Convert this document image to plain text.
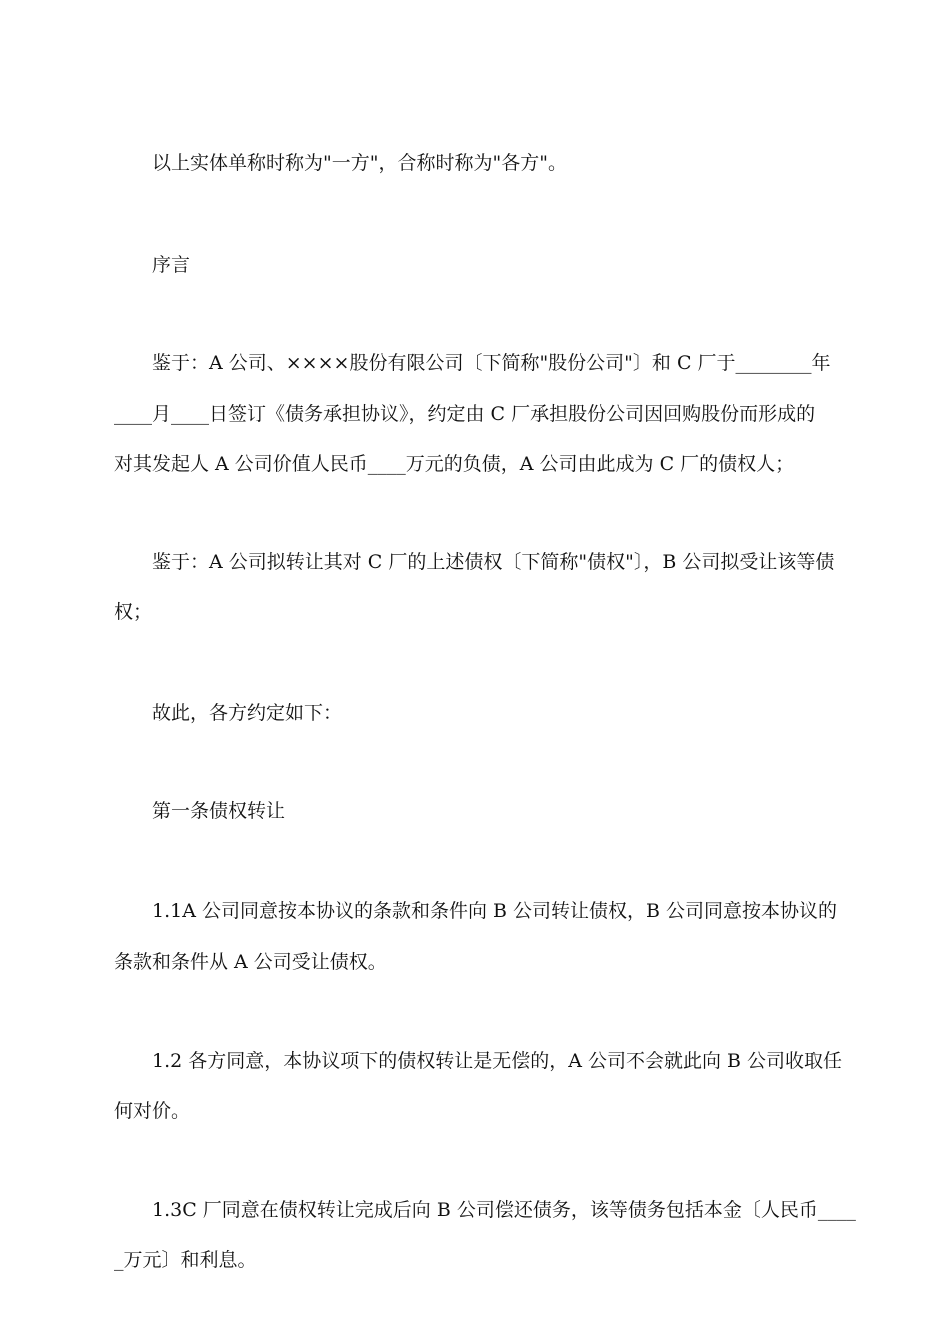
以上实体单称时称为"一方"，合称时称为"各方"。
序言
鉴于：A 公司、××××股份有限公司〔下简称"股份公司"〕和 C 厂于________年
____月____日签订《债务承担协议》，约定由 C 厂承担股份公司因回购股份而形成的
对其发起人 A 公司价值人民币____万元的负债，A 公司由此成为 C 厂的债权人；
鉴于：A 公司拟转让其对 C 厂的上述债权〔下简称"债权"〕，B 公司拟受让该等债
权；
故此，各方约定如下：
第一条债权转让
1.1A 公司同意按本协议的条款和条件向 B 公司转让债权，B 公司同意按本协议的
条款和条件从 A 公司受让债权。
1.2 各方同意，本协议项下的债权转让是无偿的，A 公司不会就此向 B 公司收取任
何对价。
1.3C 厂同意在债权转让完成后向 B 公司偿还债务，该等债务包括本金〔人民币____
_万元〕和利息。
